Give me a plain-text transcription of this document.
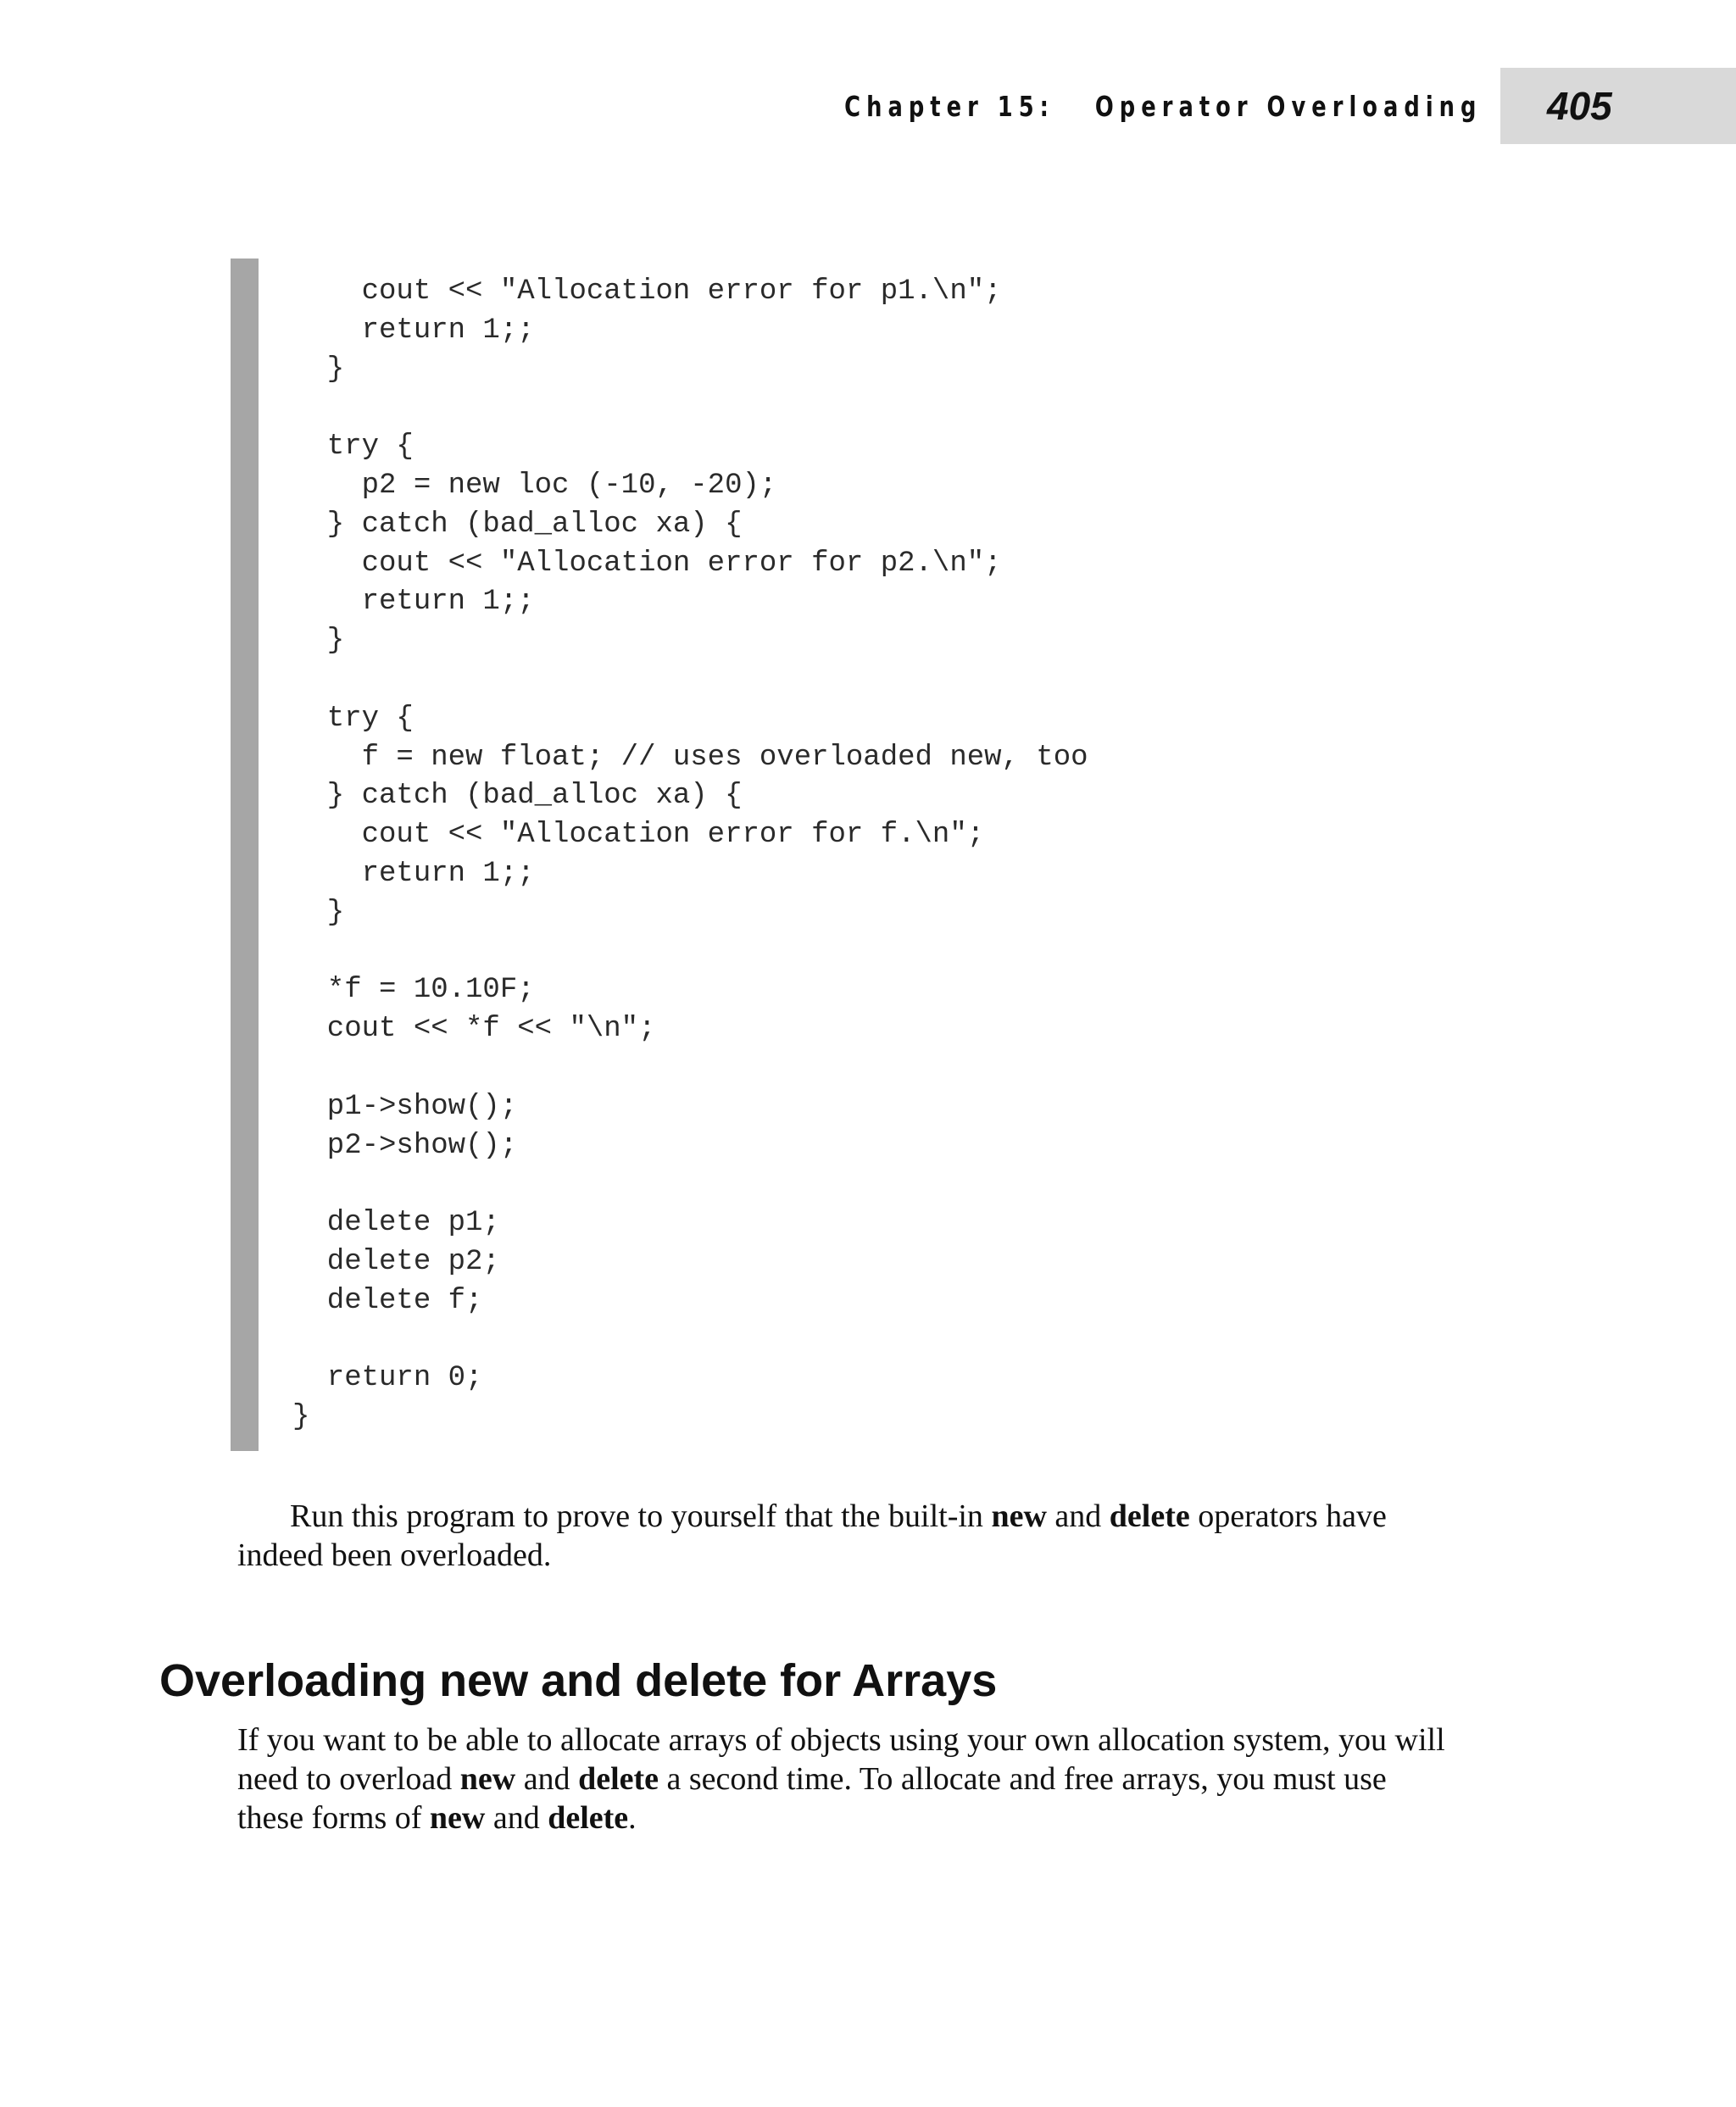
Chapter 15: Operator Overloading 405
cout << "Allocation error for p1.\n";
return 1;;
}
try {
p2 = new loc (-10, -20);
} catch (bad_alloc xa) {
cout << "Allocation error for p2.\n";
return 1;;
}
try {
f = new float; // uses overloaded new, too
} catch (bad_alloc xa) {
cout << "Allocation error for f.\n";
return 1;;
}
*f = 10.10F;
cout << *f << "\n";
p1->show();
p2->show();
delete p1;
delete p2;
delete f;
return 0;
}

Run this program to prove to yourself that the built-in new and delete operators have indeed been overloaded.

Overloading new and delete for Arrays

If you want to be able to allocate arrays of objects using your own allocation system, you will need to overload new and delete a second time. To allocate and free arrays, you must use these forms of new and delete.
